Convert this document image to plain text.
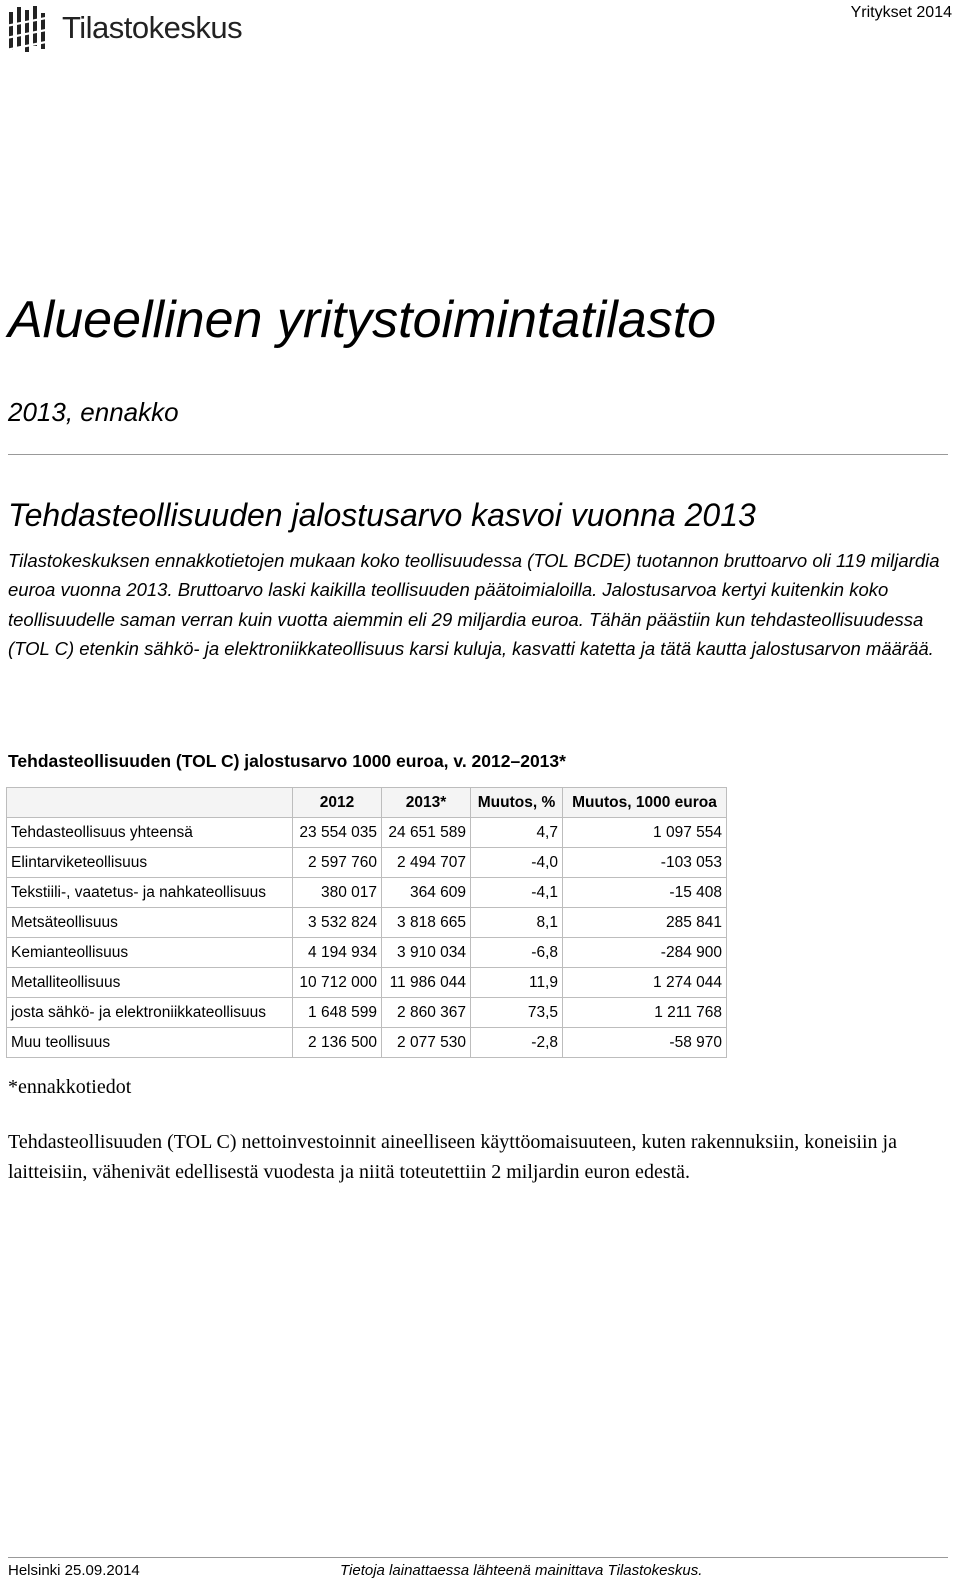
Tilastokeskus	Yritykset 2014
Alueellinen yritystoimintatilasto
2013, ennakko
Tehdasteollisuuden jalostusarvo kasvoi vuonna 2013

Tilastokeskuksen ennakkotietojen mukaan koko teollisuudessa (TOL BCDE) tuotannon bruttoarvo oli 119 miljardia euroa vuonna 2013. Bruttoarvo laski kaikilla teollisuuden päätoimialoilla. Jalostusarvoa kertyi kuitenkin koko teollisuudelle saman verran kuin vuotta aiemmin eli 29 miljardia euroa. Tähän päästiin kun tehdasteollisuudessa (TOL C) etenkin sähkö- ja elektroniikkateollisuus karsi kuluja, kasvatti katetta ja tätä kautta jalostusarvon määrää.

Tehdasteollisuuden (TOL C) jalostusarvo 1000 euroa, v. 2012–2013*
	2012	2013*	Muutos, %	Muutos, 1000 euroa
Tehdasteollisuus yhteensä	23 554 035	24 651 589	4,7	1 097 554
Elintarviketeollisuus	2 597 760	2 494 707	-4,0	-103 053
Tekstiili-, vaatetus- ja nahkateollisuus	380 017	364 609	-4,1	-15 408
Metsäteollisuus	3 532 824	3 818 665	8,1	285 841
Kemianteollisuus	4 194 934	3 910 034	-6,8	-284 900
Metalliteollisuus	10 712 000	11 986 044	11,9	1 274 044
josta sähkö- ja elektroniikkateollisuus	1 648 599	2 860 367	73,5	1 211 768
Muu teollisuus	2 136 500	2 077 530	-2,8	-58 970
*ennakkotiedot

Tehdasteollisuuden (TOL C) nettoinvestoinnit aineelliseen käyttöomaisuuteen, kuten rakennuksiin, koneisiin ja laitteisiin, vähenivät edellisestä vuodesta ja niitä toteutettiin 2 miljardin euron edestä.

Helsinki 25.09.2014	Tietoja lainattaessa lähteenä mainittava Tilastokeskus.
